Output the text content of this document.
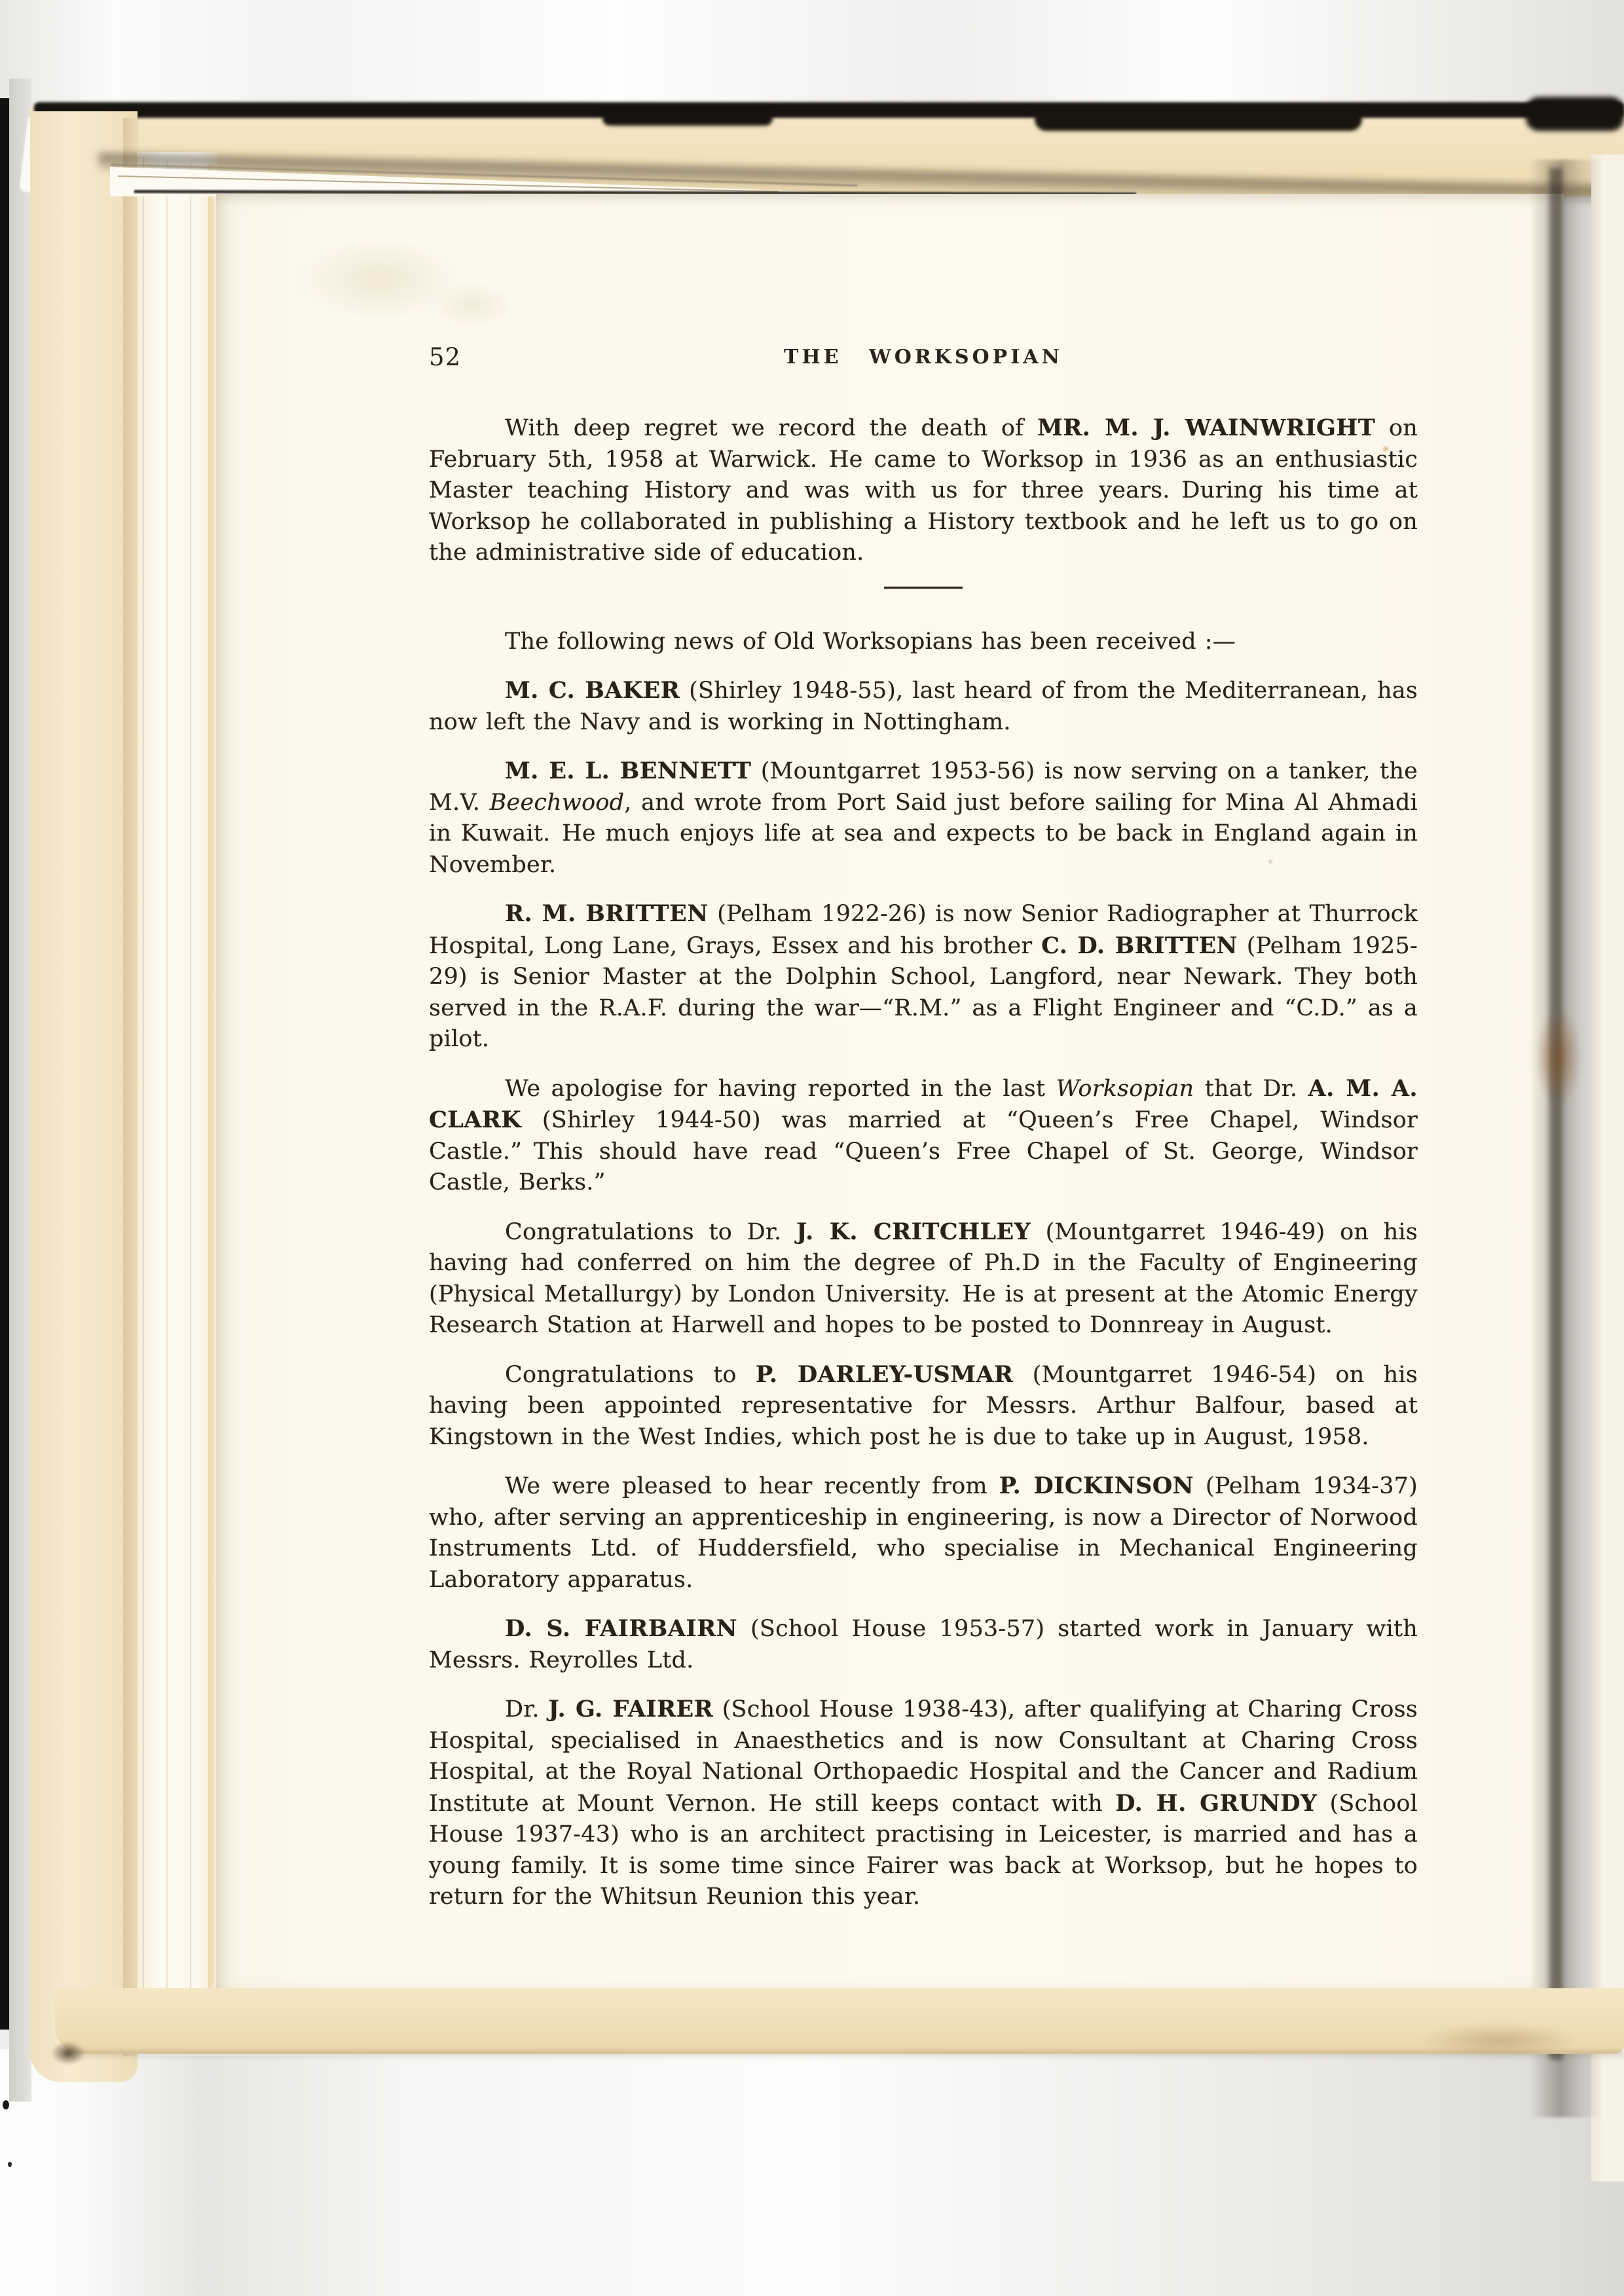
52	THE WORKSOPIAN

With deep regret we record the death of MR. M. J. WAINWRIGHT on February 5th, 1958 at Warwick. He came to Worksop in 1936 as an enthusiastic Master teaching History and was with us for three years. During his time at Worksop he collaborated in publishing a History textbook and he left us to go on the administrative side of education.

The following news of Old Worksopians has been received :—

M. C. BAKER (Shirley 1948-55), last heard of from the Mediterranean, has now left the Navy and is working in Nottingham.

M. E. L. BENNETT (Mountgarret 1953-56) is now serving on a tanker, the M.V. Beechwood, and wrote from Port Said just before sailing for Mina Al Ahmadi in Kuwait. He much enjoys life at sea and expects to be back in England again in November.

R. M. BRITTEN (Pelham 1922-26) is now Senior Radiographer at Thurrock Hospital, Long Lane, Grays, Essex and his brother C. D. BRITTEN (Pelham 1925-29) is Senior Master at the Dolphin School, Langford, near Newark. They both served in the R.A.F. during the war—“R.M.” as a Flight Engineer and “C.D.” as a pilot.

We apologise for having reported in the last Worksopian that Dr. A. M. A. CLARK (Shirley 1944-50) was married at “Queen’s Free Chapel, Windsor Castle.” This should have read “Queen’s Free Chapel of St. George, Windsor Castle, Berks.”

Congratulations to Dr. J. K. CRITCHLEY (Mountgarret 1946-49) on his having had conferred on him the degree of Ph.D in the Faculty of Engineering (Physical Metallurgy) by London University. He is at present at the Atomic Energy Research Station at Harwell and hopes to be posted to Donnreay in August.

Congratulations to P. DARLEY-USMAR (Mountgarret 1946-54) on his having been appointed representative for Messrs. Arthur Balfour, based at Kingstown in the West Indies, which post he is due to take up in August, 1958.

We were pleased to hear recently from P. DICKINSON (Pelham 1934-37) who, after serving an apprenticeship in engineering, is now a Director of Norwood Instruments Ltd. of Huddersfield, who specialise in Mechanical Engineering Laboratory apparatus.

D. S. FAIRBAIRN (School House 1953-57) started work in January with Messrs. Reyrolles Ltd.

Dr. J. G. FAIRER (School House 1938-43), after qualifying at Charing Cross Hospital, specialised in Anaesthetics and is now Consultant at Charing Cross Hospital, at the Royal National Orthopaedic Hospital and the Cancer and Radium Institute at Mount Vernon. He still keeps contact with D. H. GRUNDY (School House 1937-43) who is an architect practising in Leicester, is married and has a young family. It is some time since Fairer was back at Worksop, but he hopes to return for the Whitsun Reunion this year.
